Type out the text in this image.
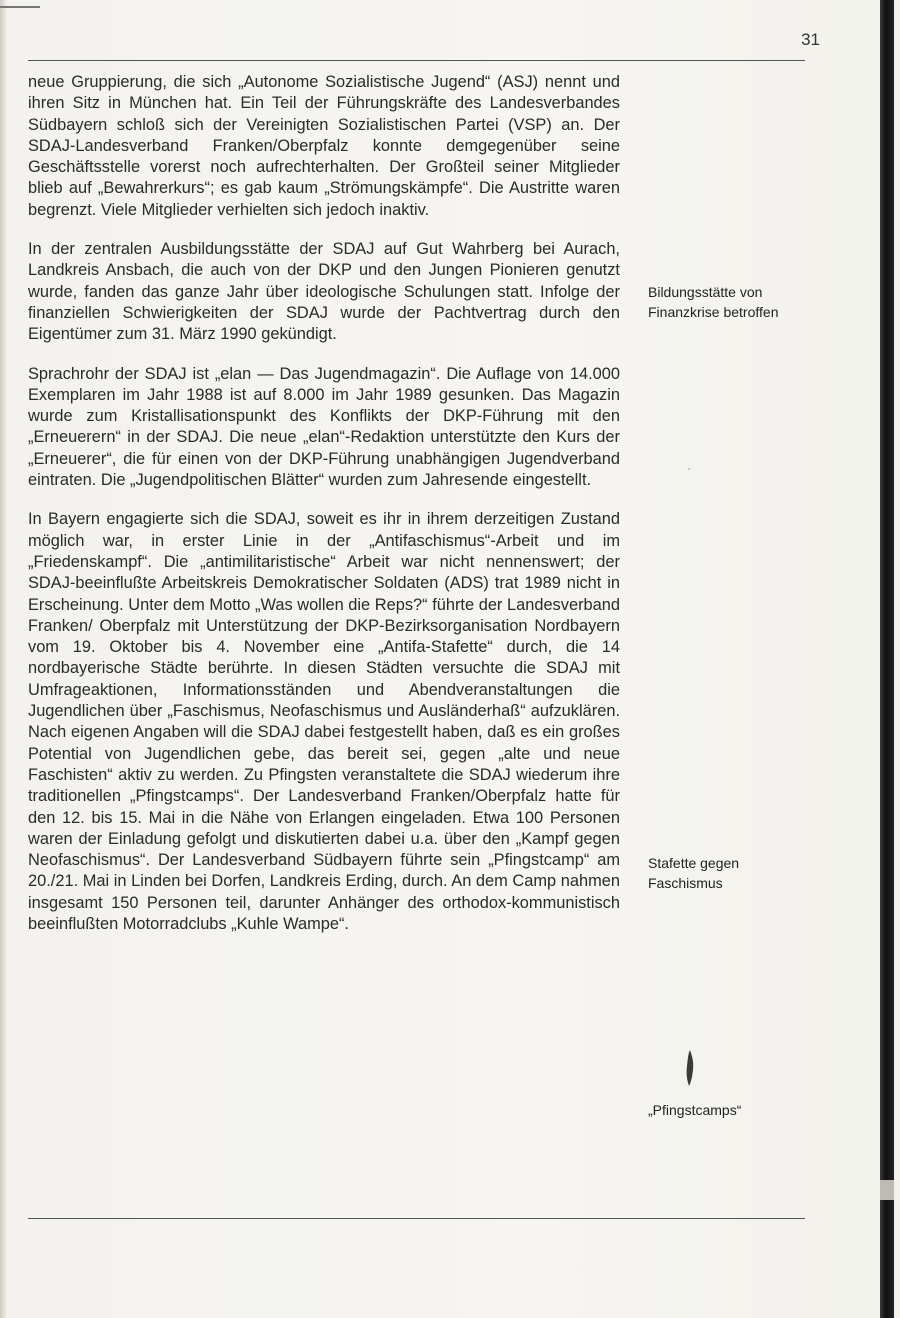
31

neue Gruppierung, die sich „Autonome Sozialistische Jugend“ (ASJ) nennt und ihren Sitz in München hat. Ein Teil der Führungskräfte des Landesverbandes Südbayern schloß sich der Vereinigten Sozialistischen Partei (VSP) an. Der SDAJ-Landesverband Franken/Oberpfalz konnte demgegenüber seine Geschäftsstelle vorerst noch aufrechterhalten. Der Großteil seiner Mitglieder blieb auf „Bewahrerkurs“; es gab kaum „Strömungskämpfe“. Die Austritte waren begrenzt. Viele Mitglieder verhielten sich jedoch inaktiv.

In der zentralen Ausbildungsstätte der SDAJ auf Gut Wahrberg bei Aurach, Landkreis Ansbach, die auch von der DKP und den Jungen Pionieren genutzt wurde, fanden das ganze Jahr über ideologische Schulungen statt. Infolge der finanziellen Schwierigkeiten der SDAJ wurde der Pachtvertrag durch den Eigentümer zum 31. März 1990 gekündigt.

Sprachrohr der SDAJ ist „elan — Das Jugendmagazin“. Die Auflage von 14.000 Exemplaren im Jahr 1988 ist auf 8.000 im Jahr 1989 gesunken. Das Magazin wurde zum Kristallisationspunkt des Konflikts der DKP-Führung mit den „Erneuerern“ in der SDAJ. Die neue „elan“-Redaktion unterstützte den Kurs der „Erneuerer“, die für einen von der DKP-Führung unabhängigen Jugendverband eintraten. Die „Jugendpolitischen Blätter“ wurden zum Jahresende eingestellt.

In Bayern engagierte sich die SDAJ, soweit es ihr in ihrem derzeitigen Zustand möglich war, in erster Linie in der „Antifaschismus“-Arbeit und im „Friedenskampf“. Die „antimilitaristische“ Arbeit war nicht nennenswert; der SDAJ-beeinflußte Arbeitskreis Demokratischer Soldaten (ADS) trat 1989 nicht in Erscheinung. Unter dem Motto „Was wollen die Reps?“ führte der Landesverband Franken/ Oberpfalz mit Unterstützung der DKP-Bezirksorganisation Nordbayern vom 19. Oktober bis 4. November eine „Antifa-Stafette“ durch, die 14 nordbayerische Städte berührte. In diesen Städten versuchte die SDAJ mit Umfrageaktionen, Informationsständen und Abendveranstaltungen die Jugendlichen über „Faschismus, Neofaschismus und Ausländerhaß“ aufzuklären. Nach eigenen Angaben will die SDAJ dabei festgestellt haben, daß es ein großes Potential von Jugendlichen gebe, das bereit sei, gegen „alte und neue Faschisten“ aktiv zu werden. Zu Pfingsten veranstaltete die SDAJ wiederum ihre traditionellen „Pfingstcamps“. Der Landesverband Franken/Oberpfalz hatte für den 12. bis 15. Mai in die Nähe von Erlangen eingeladen. Etwa 100 Personen waren der Einladung gefolgt und diskutierten dabei u.a. über den „Kampf gegen Neofaschismus“. Der Landesverband Südbayern führte sein „Pfingstcamp“ am 20./21. Mai in Linden bei Dorfen, Landkreis Erding, durch. An dem Camp nahmen insgesamt 150 Personen teil, darunter Anhänger des orthodox-kommunistisch beeinflußten Motorradclubs „Kuhle Wampe“.

Bildungsstätte von Finanzkrise betroffen
Stafette gegen Faschismus
„Pfingstcamps“
